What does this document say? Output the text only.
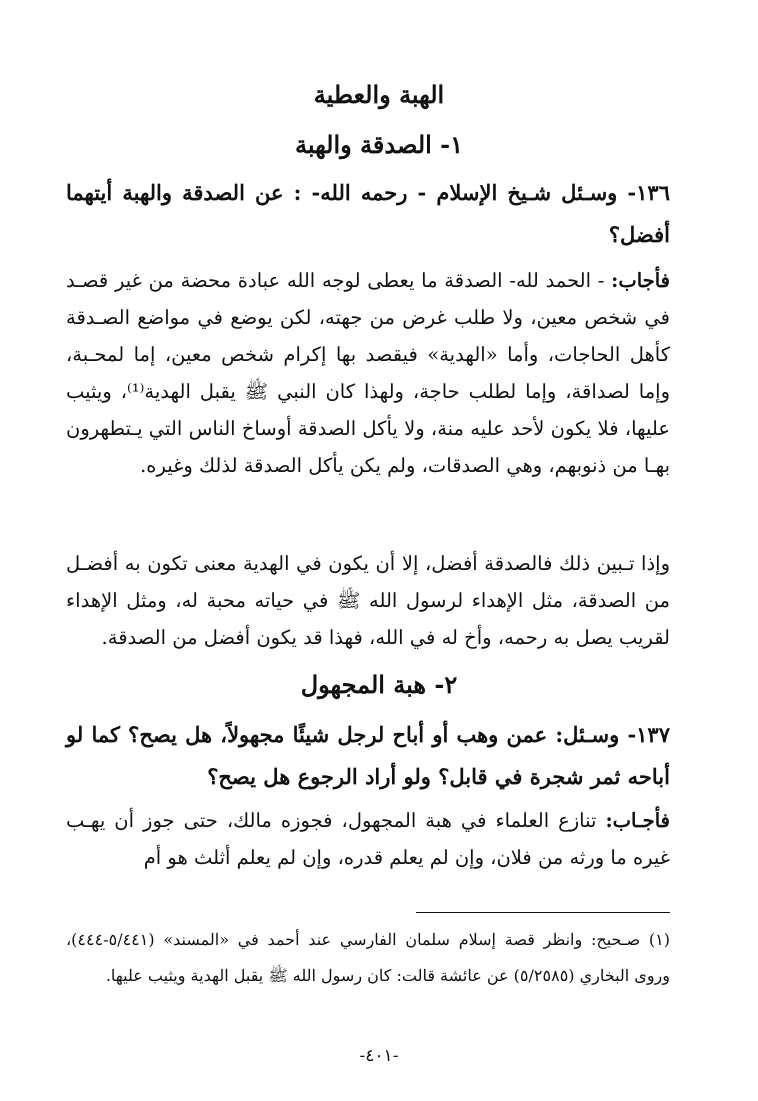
الهبة والعطية
١- الصدقة والهبة
١٣٦- وسـئل شـيخ الإسلام - رحمه الله- : عن الصدقة والهبة أيتهما أفضل؟
فأجاب: - الحمد لله- الصدقة ما يعطى لوجه الله عبادة محضة من غير قصـد في شخص معين، ولا طلب غرض من جهته، لكن يوضع في مواضع الصـدقة كأهل الحاجات، وأما «الهدية» فيقصد بها إكرام شخص معين، إما لمحـبة، وإما لصداقة، وإما لطلب حاجة، ولهذا كان النبي ﷺ يقبل الهدية⁽¹⁾، ويثيب عليها، فلا يكون لأحد عليه منة، ولا يأكل الصدقة أوساخ الناس التي يـتطهرون بهـا من ذنوبهم، وهي الصدقات، ولم يكن يأكل الصدقة لذلك وغيره.
وإذا تـبين ذلك فالصدقة أفضل، إلا أن يكون في الهدية معنى تكون به أفضـل من الصدقة، مثل الإهداء لرسول الله ﷺ في حياته محبة له، ومثل الإهداء لقريب يصل به رحمه، وأخ له في الله، فهذا قد يكون أفضل من الصدقة.
٢- هبة المجهول
١٣٧- وسـئل: عمن وهب أو أباح لرجل شيئًا مجهولاً، هل يصح؟ كما لو أباحه ثمر شجرة في قابل؟ ولو أراد الرجوع هل يصح؟
فأجـاب: تنازع العلماء في هبة المجهول، فجوزه مالك، حتى جوز أن يهـب غيره ما ورثه من فلان، وإن لم يعلم قدره، وإن لم يعلم أثلث هو أم
(١) صـحيح: وانظر قصة إسلام سلمان الفارسي عند أحمد في «المسند» (٥/٤٤١-٤٤٤)، وروى البخاري (٥/٢٥٨٥) عن عائشة قالت: كان رسول الله ﷺ يقبل الهدية ويثيب عليها.
-٤٠١-
